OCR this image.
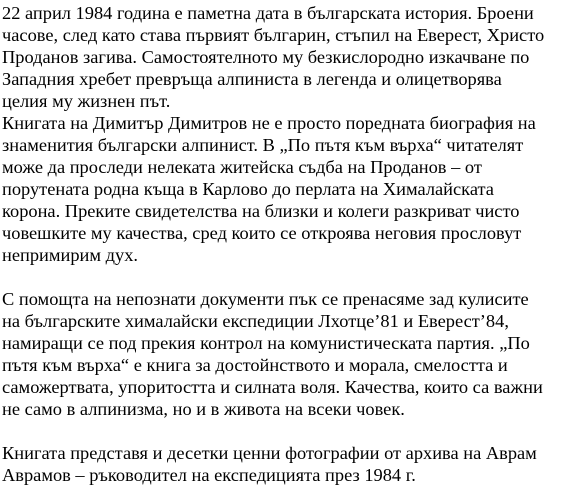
22 април 1984 година е паметна дата в българската история. Броени
часове, след като става първият българин, стъпил на Еверест, Христо
Проданов загива. Самостоятелното му безкислородно изкачване по
Западния хребет превръща алпиниста в легенда и олицетворява
целия му жизнен път.
Книгата на Димитър Димитров не е просто поредната биография на
знаменития български алпинист. В „По пътя към върха“ читателят
може да проследи нелеката житейска съдба на Проданов – от
порутената родна къща в Карлово до перлата на Хималайската
корона. Преките свидетелства на близки и колеги разкриват чисто
човешките му качества, сред които се откроява неговия прословут
непримирим дух.
С помощта на непознати документи пък се пренасяме зад кулисите
на българските хималайски експедиции Лхотце’81 и Еверест’84,
намиращи се под прекия контрол на комунистическата партия. „По
пътя към върха“ е книга за достойнството и морала, смелостта и
саможертвата, упоритостта и силната воля. Качества, които са важни
не само в алпинизма, но и в живота на всеки човек.
Книгата представя и десетки ценни фотографии от архива на Аврам
Аврамов – ръководител на експедицията през 1984 г.
